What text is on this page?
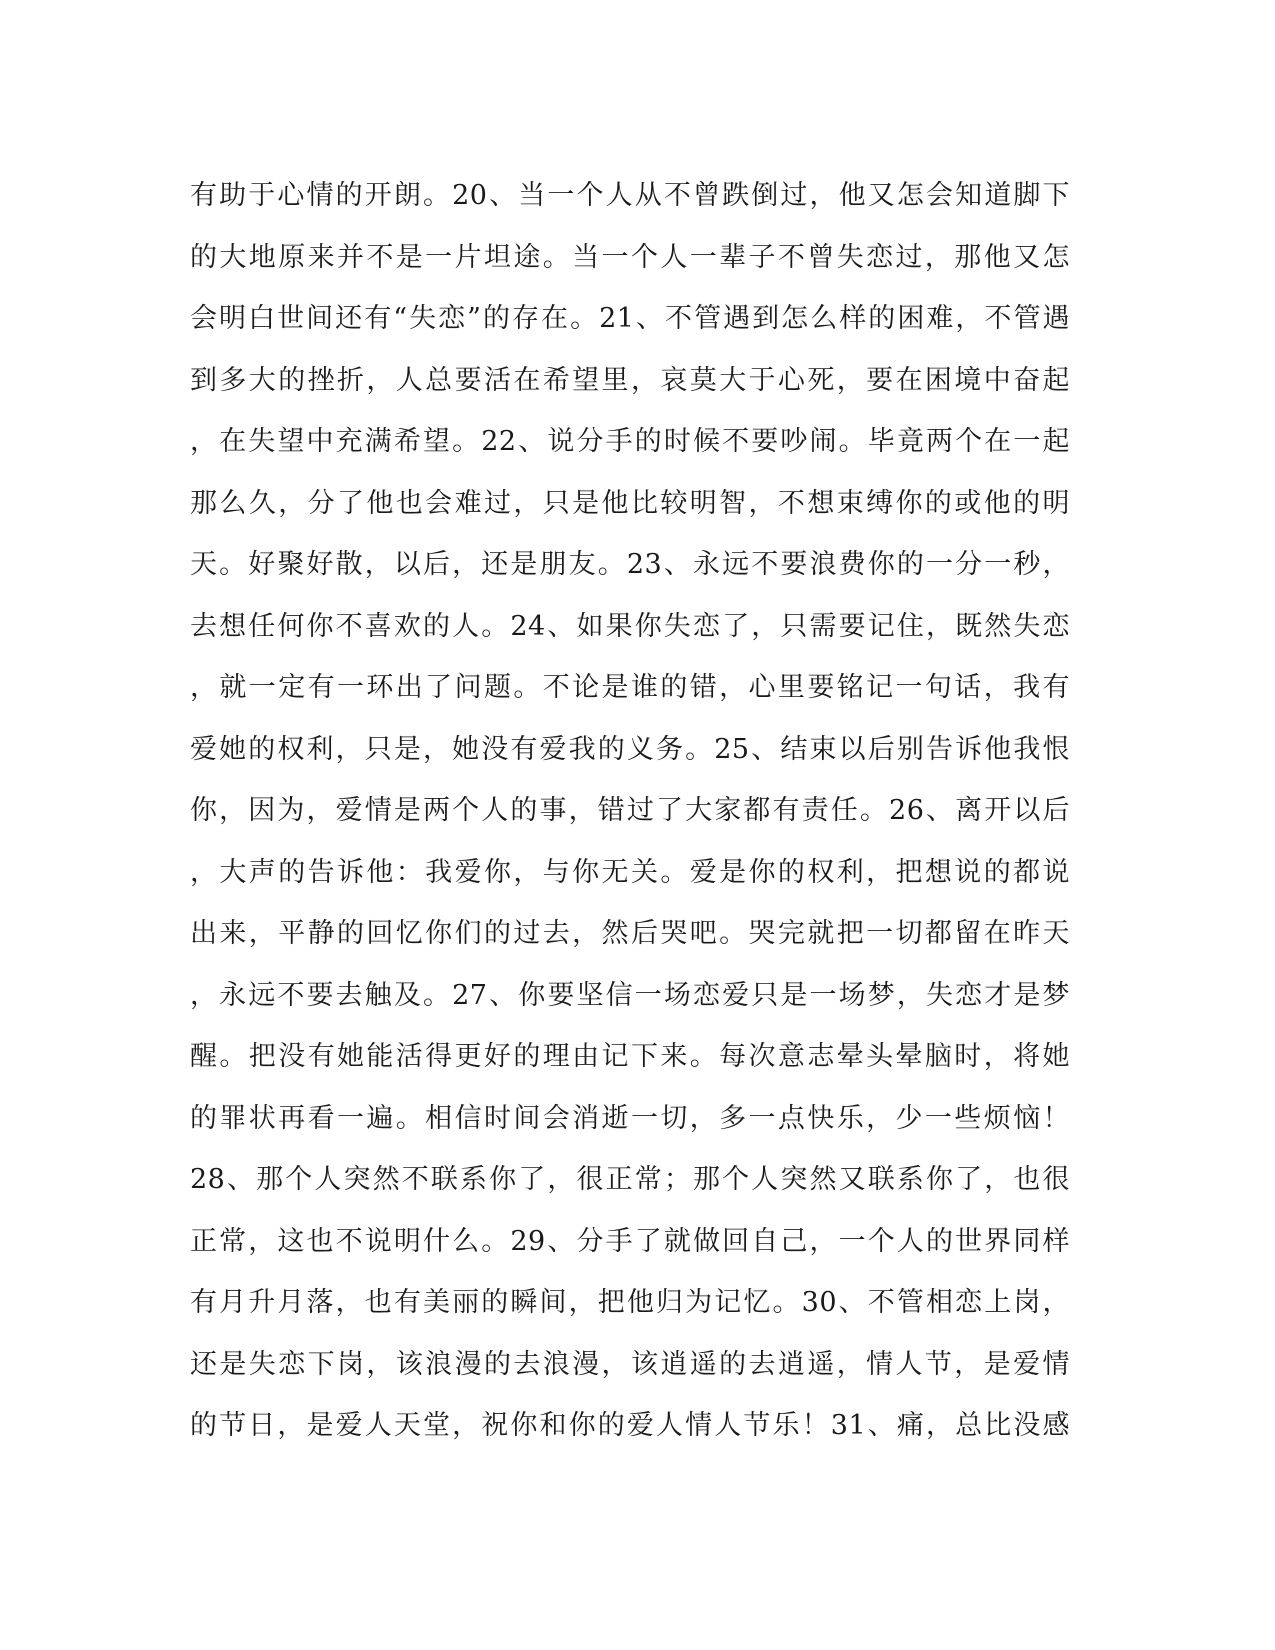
有助于心情的开朗。20、当一个人从不曾跌倒过，他又怎会知道脚下
的大地原来并不是一片坦途。当一个人一辈子不曾失恋过，那他又怎
会明白世间还有“失恋”的存在。21、不管遇到怎么样的困难，不管遇
到多大的挫折，人总要活在希望里，哀莫大于心死，要在困境中奋起
，在失望中充满希望。22、说分手的时候不要吵闹。毕竟两个在一起
那么久，分了他也会难过，只是他比较明智，不想束缚你的或他的明
天。好聚好散，以后，还是朋友。23、永远不要浪费你的一分一秒，
去想任何你不喜欢的人。24、如果你失恋了，只需要记住，既然失恋
，就一定有一环出了问题。不论是谁的错，心里要铭记一句话，我有
爱她的权利，只是，她没有爱我的义务。25、结束以后别告诉他我恨
你，因为，爱情是两个人的事，错过了大家都有责任。26、离开以后
，大声的告诉他：我爱你，与你无关。爱是你的权利，把想说的都说
出来，平静的回忆你们的过去，然后哭吧。哭完就把一切都留在昨天
，永远不要去触及。27、你要坚信一场恋爱只是一场梦，失恋才是梦
醒。把没有她能活得更好的理由记下来。每次意志晕头晕脑时，将她
的罪状再看一遍。相信时间会消逝一切，多一点快乐，少一些烦恼！
28、那个人突然不联系你了，很正常；那个人突然又联系你了，也很
正常，这也不说明什么。29、分手了就做回自己，一个人的世界同样
有月升月落，也有美丽的瞬间，把他归为记忆。30、不管相恋上岗，
还是失恋下岗，该浪漫的去浪漫，该逍遥的去逍遥，情人节，是爱情
的节日，是爱人天堂，祝你和你的爱人情人节乐！31、痛，总比没感
